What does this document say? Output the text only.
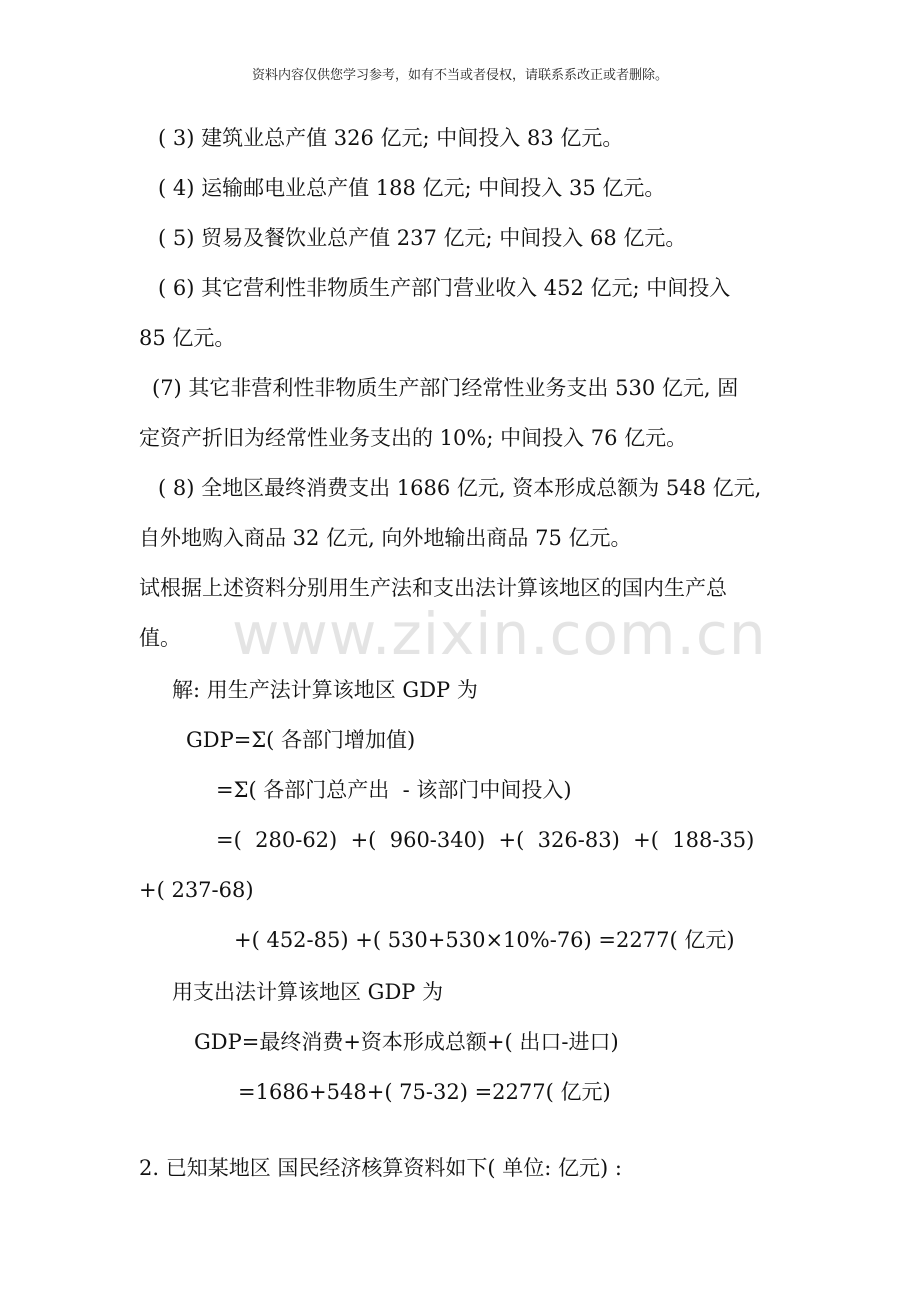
资料内容仅供您学习参考，如有不当或者侵权，请联系系改正或者删除。
www.zixin.com.cn
( 3) 建筑业总产值 326 亿元; 中间投入 83 亿元。
( 4) 运输邮电业总产值 188 亿元; 中间投入 35 亿元。
( 5) 贸易及餐饮业总产值 237 亿元; 中间投入 68 亿元。
( 6) 其它营利性非物质生产部门营业收入 452 亿元; 中间投入
85 亿元。
(7) 其它非营利性非物质生产部门经常性业务支出 530 亿元, 固
定资产折旧为经常性业务支出的 10%; 中间投入 76 亿元。
( 8) 全地区最终消费支出 1686 亿元, 资本形成总额为 548 亿元,
自外地购入商品 32 亿元, 向外地输出商品 75 亿元。
试根据上述资料分别用生产法和支出法计算该地区的国内生产总
值。
解: 用生产法计算该地区 GDP 为
GDP=Σ( 各部门增加值)
=Σ( 各部门总产出  - 该部门中间投入)
=(  280-62)  +(  960-340)  +(  326-83)  +(  188-35)
+( 237-68)
+( 452-85) +( 530+530×10%-76) =2277( 亿元)
用支出法计算该地区 GDP 为
GDP=最终消费+资本形成总额+( 出口-进口)
=1686+548+( 75-32) =2277( 亿元)
2. 已知某地区 国民经济核算资料如下( 单位: 亿元) :
